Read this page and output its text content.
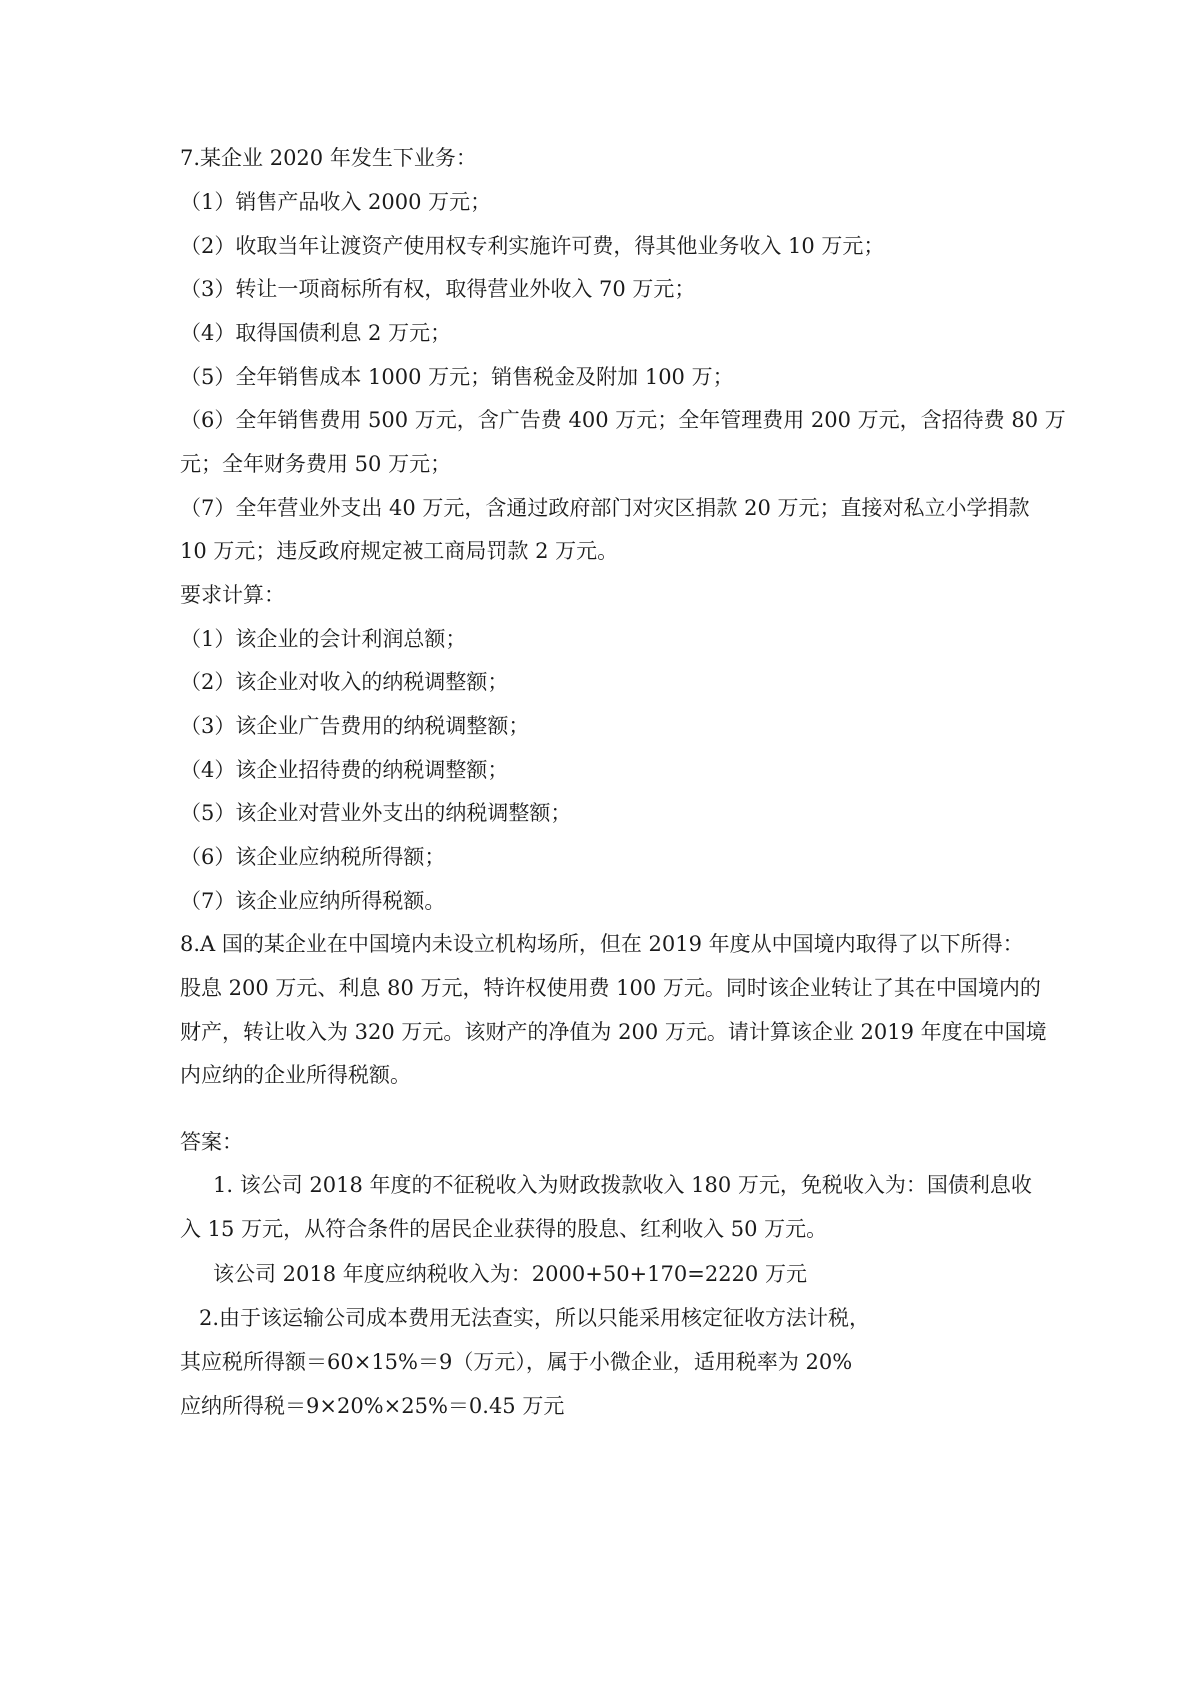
7.某企业 2020 年发生下业务：
（1）销售产品收入 2000 万元；
（2）收取当年让渡资产使用权专利实施许可费，得其他业务收入 10 万元；
（3）转让一项商标所有权，取得营业外收入 70 万元；
（4）取得国债利息 2 万元；
（5）全年销售成本 1000 万元；销售税金及附加 100 万；
（6）全年销售费用 500 万元，含广告费 400 万元；全年管理费用 200 万元，含招待费 80 万
元；全年财务费用 50 万元；
（7）全年营业外支出 40 万元，含通过政府部门对灾区捐款 20 万元；直接对私立小学捐款
10 万元；违反政府规定被工商局罚款 2 万元。
要求计算：
（1）该企业的会计利润总额；
（2）该企业对收入的纳税调整额；
（3）该企业广告费用的纳税调整额；
（4）该企业招待费的纳税调整额；
（5）该企业对营业外支出的纳税调整额；
（6）该企业应纳税所得额；
（7）该企业应纳所得税额。
8.A 国的某企业在中国境内未设立机构场所，但在 2019 年度从中国境内取得了以下所得：
股息 200 万元、利息 80 万元，特许权使用费 100 万元。同时该企业转让了其在中国境内的
财产，转让收入为 320 万元。该财产的净值为 200 万元。请计算该企业 2019 年度在中国境
内应纳的企业所得税额。
答案：
1. 该公司 2018 年度的不征税收入为财政拨款收入 180 万元，免税收入为：国债利息收
入 15 万元，从符合条件的居民企业获得的股息、红利收入 50 万元。
该公司 2018 年度应纳税收入为：2000+50+170=2220 万元
2.由于该运输公司成本费用无法查实，所以只能采用核定征收方法计税，
其应税所得额＝60×15%＝9（万元），属于小微企业，适用税率为 20%
应纳所得税＝9×20%×25%＝0.45 万元
